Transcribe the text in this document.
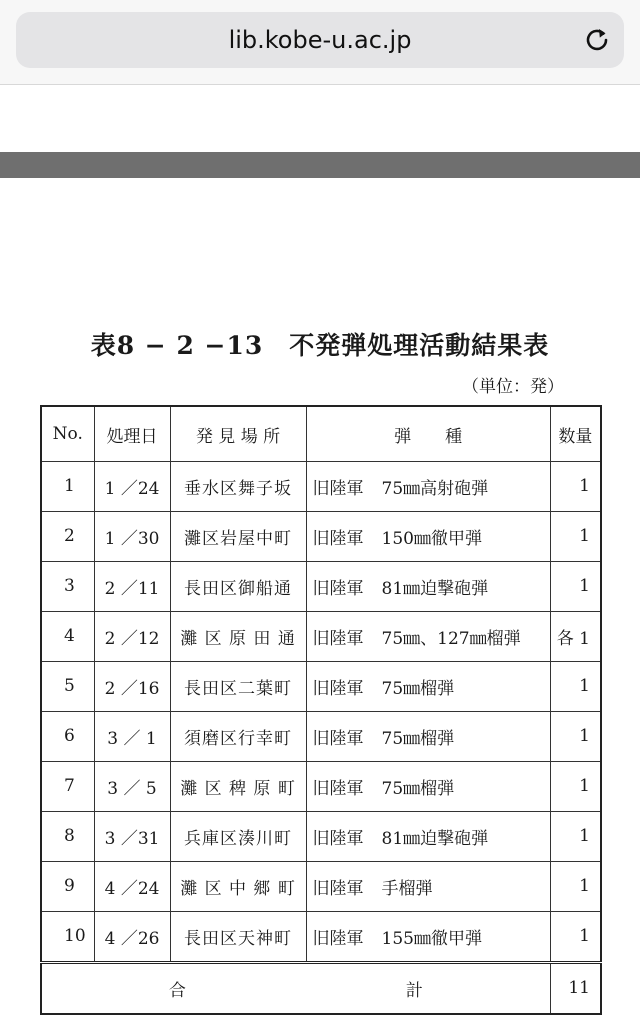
lib.kobe-u.ac.jp
表8 − 2 −13　不発弾処理活動結果表
（単位：発）
No.	処理日	発 見 場 所	弾　　種	数量
1	1 ／24	垂水区舞子坂	旧陸軍 75㎜高射砲弾	1
2	1 ／30	灘区岩屋中町	旧陸軍 150㎜徹甲弾	1
3	2 ／11	長田区御船通	旧陸軍 81㎜迫撃砲弾	1
4	2 ／12	灘 区 原 田 通	旧陸軍 75㎜、127㎜榴弾	各 1
5	2 ／16	長田区二葉町	旧陸軍 75㎜榴弾	1
6	3 ／ 1	須磨区行幸町	旧陸軍 75㎜榴弾	1
7	3 ／ 5	灘 区 稗 原 町	旧陸軍 75㎜榴弾	1
8	3 ／31	兵庫区湊川町	旧陸軍 81㎜迫撃砲弾	1
9	4 ／24	灘 区 中 郷 町	旧陸軍 手榴弾	1
10	4 ／26	長田区天神町	旧陸軍 155㎜徹甲弾	1
合 計				11
